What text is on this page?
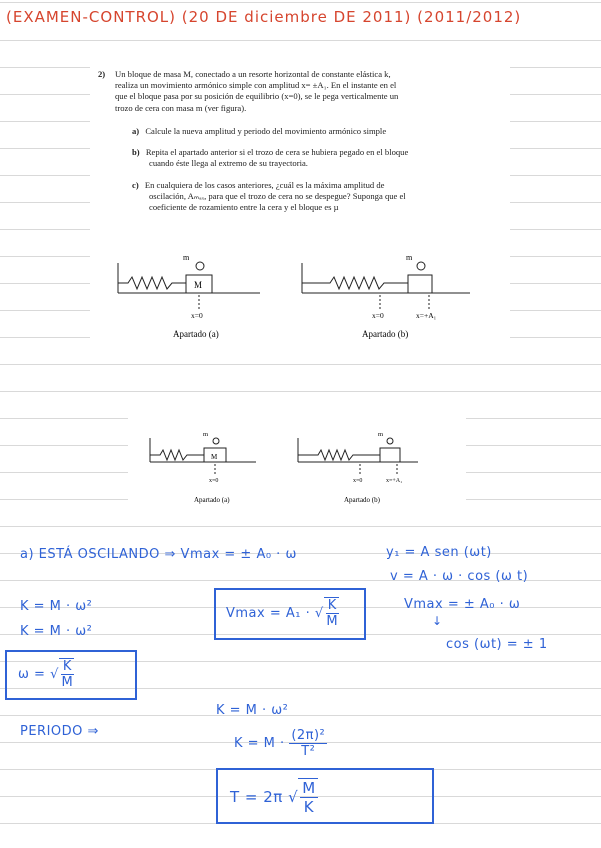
(EXAMEN-CONTROL) (20 DE diciembre DE 2011) (2011/2012)
2) Un bloque de masa M, conectado a un resorte horizontal de constante elástica k,
realiza un movimiento armónico simple con amplitud x= ±A₁. En el instante en el
que el bloque pasa por su posición de equilibrio (x=0), se le pega verticalmente un
trozo de cera con masa m (ver figura).
a) Calcule la nueva amplitud y periodo del movimiento armónico simple
b) Repita el apartado anterior si el trozo de cera se hubiera pegado en el bloque
cuando éste llega al extremo de su trayectoria.
c) En cualquiera de los casos anteriores, ¿cuál es la máxima amplitud de
oscilación, Aₘₐₓ, para que el trozo de cera no se despegue? Suponga que el
coeficiente de rozamiento entre la cera y el bloque es µ
M
m
x=0
Apartado (a)
m
x=0	x=+A₁
Apartado (b)
M
m
x=0
Apartado (a)
m
x=0	x=+A₁
Apartado (b)
a) ESTÁ OSCILANDO ⇒ Vmax = ± A₀ · ω	y₁ = A sen (ωt)
v = A · ω · cos (ω t)
Vmax = ± A₀ · ω
↓
cos (ωt) = ± 1
K = M · ω²
K = M · ω²
Vmax = A₁ · √ $\frac{K}{M}$
ω = √ $\frac{K}{M}$
PERIODO ⇒
K = M · ω²
$K = M \cdot \frac{\text{(2π)²}}{\text{T²}}$
T = 2π √ $\frac{M}{K}$
